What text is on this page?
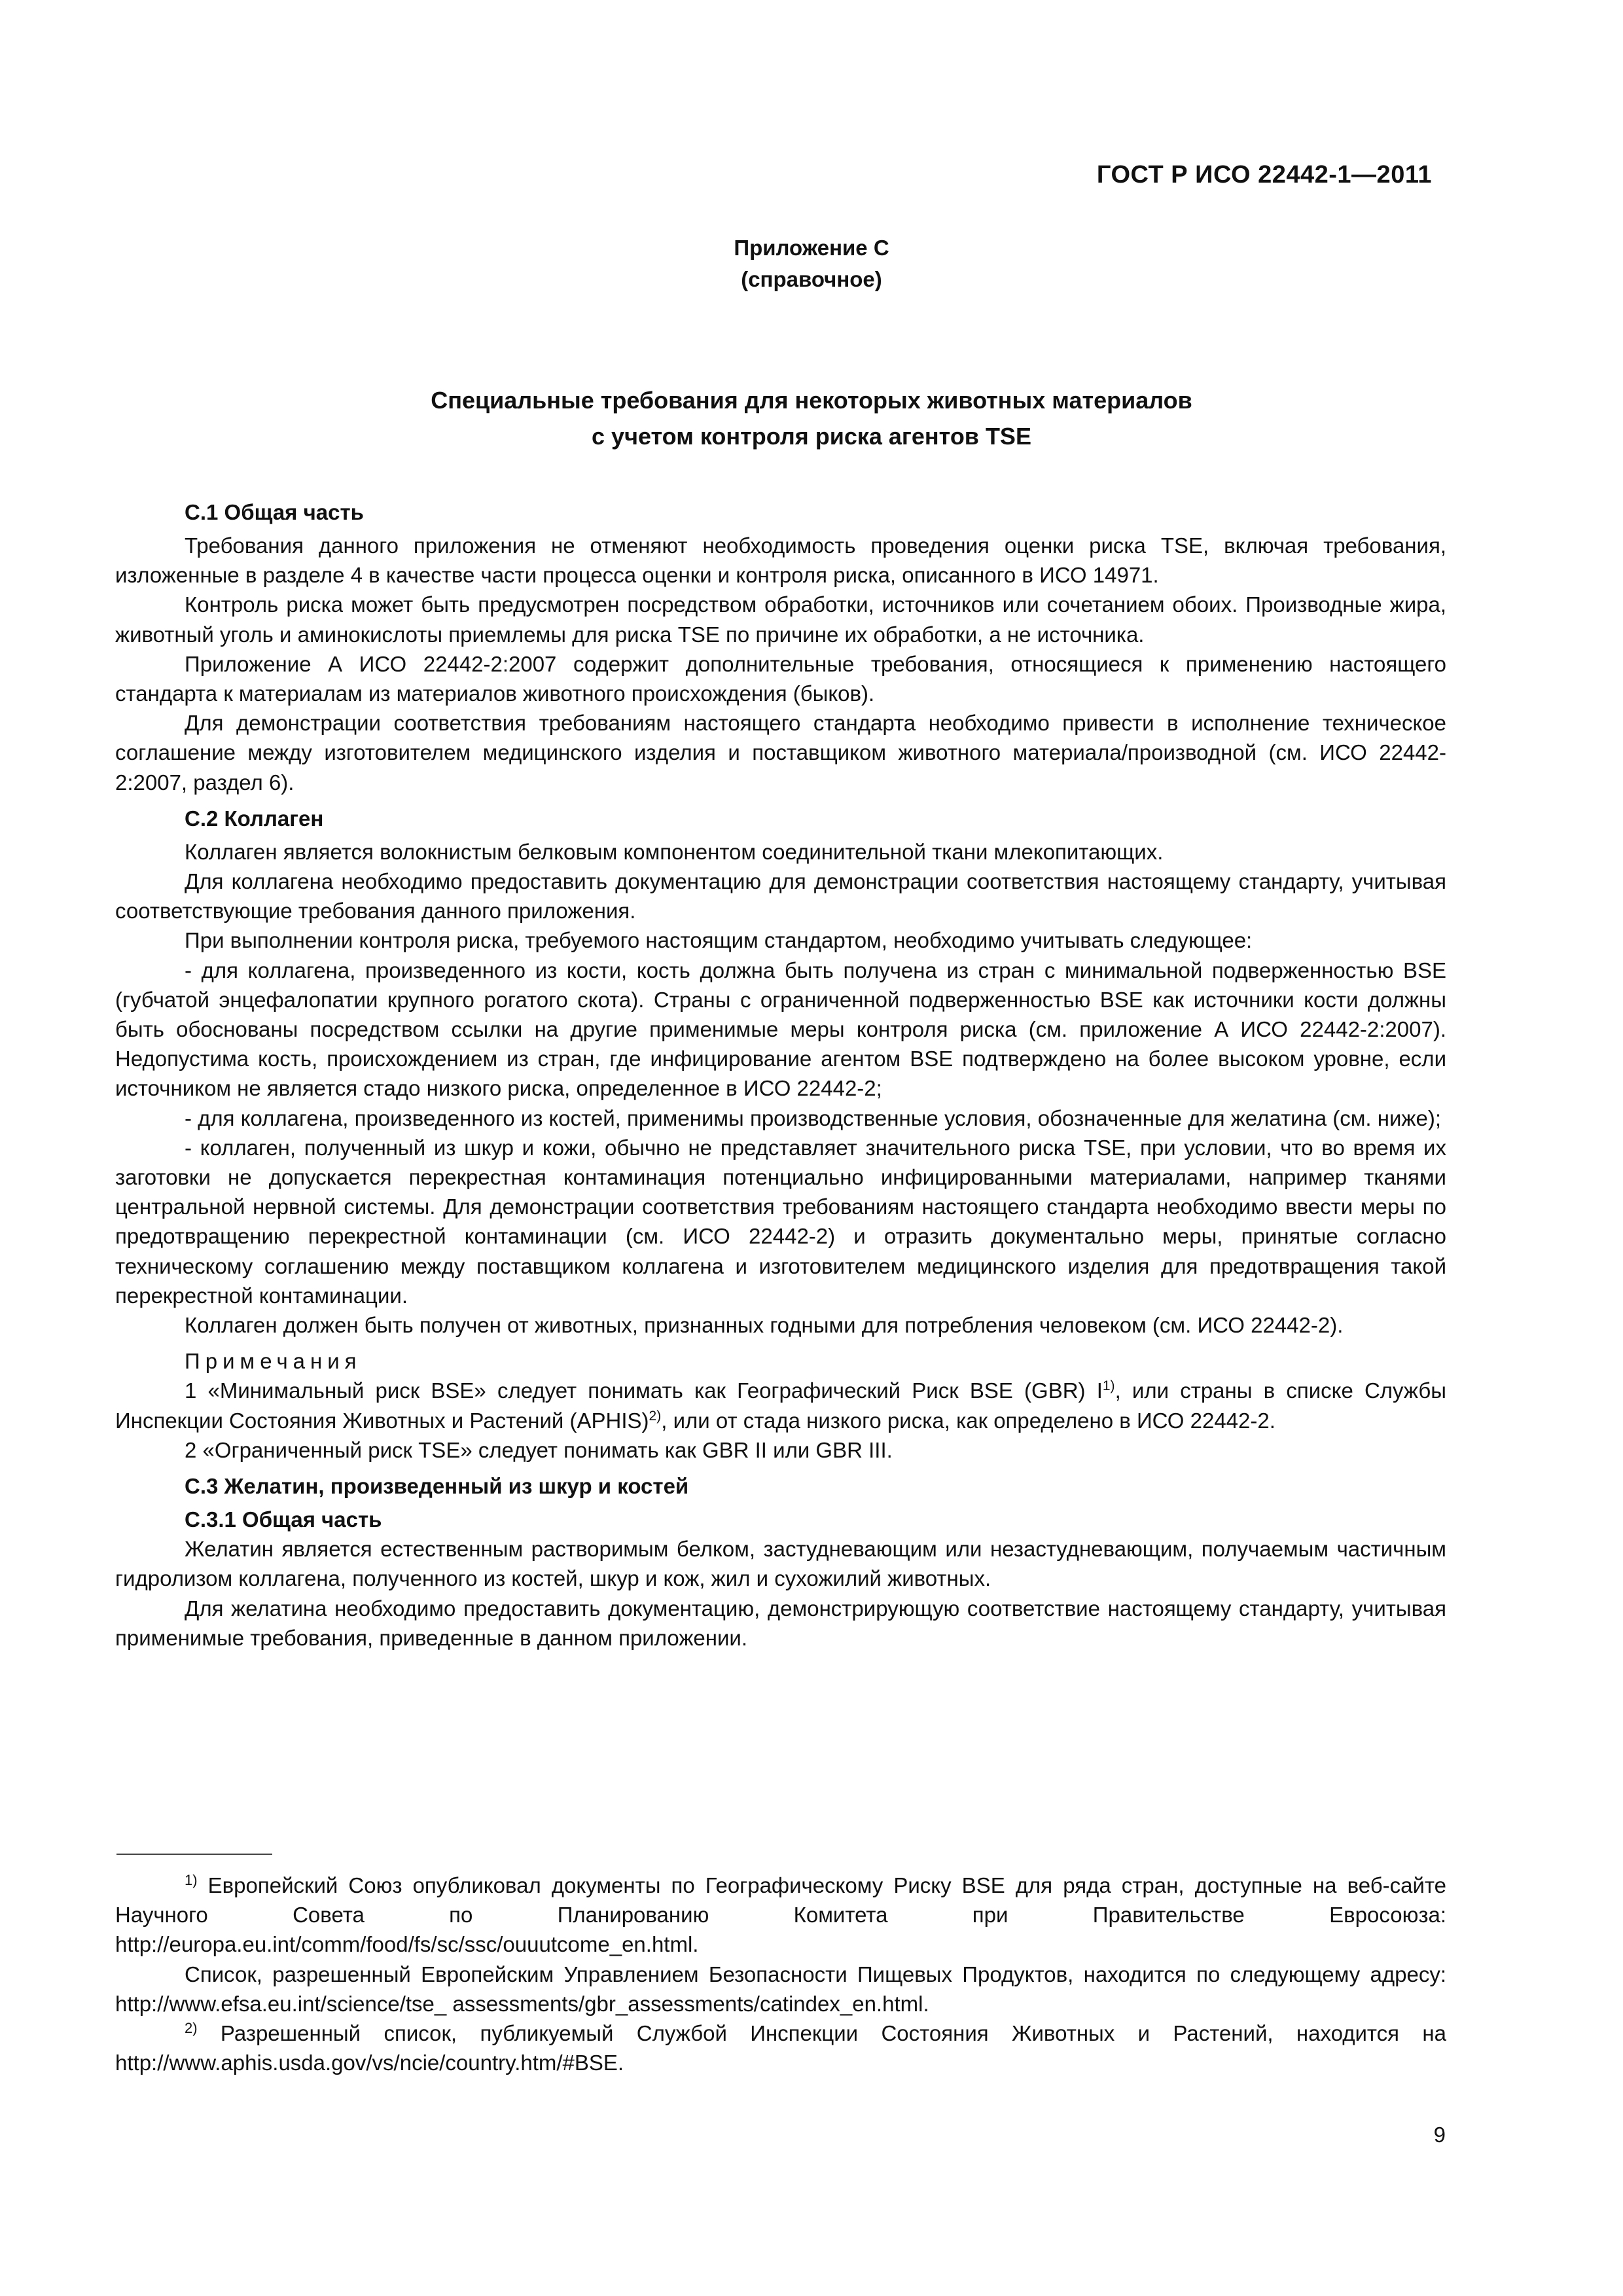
ГОСТ Р ИСО 22442-1—2011
Приложение С
(справочное)
Специальные требования для некоторых животных материалов
с учетом контроля риска агентов TSE
С.1 Общая часть

Требования данного приложения не отменяют необходимость проведения оценки риска TSE, включая требования, изложенные в разделе 4 в качестве части процесса оценки и контроля риска, описанного в ИСО 14971.

Контроль риска может быть предусмотрен посредством обработки, источников или сочетанием обоих. Производные жира, животный уголь и аминокислоты приемлемы для риска TSE по причине их обработки, а не источника.

Приложение А ИСО 22442-2:2007 содержит дополнительные требования, относящиеся к применению настоящего стандарта к материалам из материалов животного происхождения (быков).

Для демонстрации соответствия требованиям настоящего стандарта необходимо привести в исполнение техническое соглашение между изготовителем медицинского изделия и поставщиком животного материала/производной (см. ИСО 22442-2:2007, раздел 6).

С.2 Коллаген

Коллаген является волокнистым белковым компонентом соединительной ткани млекопитающих.

Для коллагена необходимо предоставить документацию для демонстрации соответствия настоящему стандарту, учитывая соответствующие требования данного приложения.

При выполнении контроля риска, требуемого настоящим стандартом, необходимо учитывать следующее:

- для коллагена, произведенного из кости, кость должна быть получена из стран с минимальной подверженностью BSE (губчатой энцефалопатии крупного рогатого скота). Страны с ограниченной подверженностью BSE как источники кости должны быть обоснованы посредством ссылки на другие применимые меры контроля риска (см. приложение А ИСО 22442-2:2007). Недопустима кость, происхождением из стран, где инфицирование агентом BSE подтверждено на более высоком уровне, если источником не является стадо низкого риска, определенное в ИСО 22442-2;

- для коллагена, произведенного из костей, применимы производственные условия, обозначенные для желатина (см. ниже);

- коллаген, полученный из шкур и кожи, обычно не представляет значительного риска TSE, при условии, что во время их заготовки не допускается перекрестная контаминация потенциально инфицированными материалами, например тканями центральной нервной системы. Для демонстрации соответствия требованиям настоящего стандарта необходимо ввести меры по предотвращению перекрестной контаминации (см. ИСО 22442-2) и отразить документально меры, принятые согласно техническому соглашению между поставщиком коллагена и изготовителем медицинского изделия для предотвращения такой перекрестной контаминации.

Коллаген должен быть получен от животных, признанных годными для потребления человеком (см. ИСО 22442-2).

Примечания

1 «Минимальный риск BSE» следует понимать как Географический Риск BSE (GBR) $I^{1)}$, или страны в списке Службы Инспекции Состояния Животных и Растений (APHIS)$^{2)}$, или от стада низкого риска, как определено в ИСО 22442-2.

2 «Ограниченный риск TSE» следует понимать как GBR II или GBR III.

С.3 Желатин, произведенный из шкур и костей
С.3.1 Общая часть

Желатин является естественным растворимым белком, застудневающим или незастудневающим, получаемым частичным гидролизом коллагена, полученного из костей, шкур и кож, жил и сухожилий животных.

Для желатина необходимо предоставить документацию, демонстрирующую соответствие настоящему стандарту, учитывая применимые требования, приведенные в данном приложении.

$^{1)}$ Европейский Союз опубликовал документы по Географическому Риску BSE для ряда стран, доступные на веб-сайте Научного Совета по Планированию Комитета при Правительстве Евросоюза: http://europa.eu.int/comm/food/fs/sc/ssc/ouuutcome_en.html.

Список, разрешенный Европейским Управлением Безопасности Пищевых Продуктов, находится по следующему адресу: http://www.efsa.eu.int/science/tse_ assessments/gbr_assessments/catindex_en.html.

$^{2)}$ Разрешенный список, публикуемый Службой Инспекции Состояния Животных и Растений, находится на http://www.aphis.usda.gov/vs/ncie/country.htm/#BSE.

9
